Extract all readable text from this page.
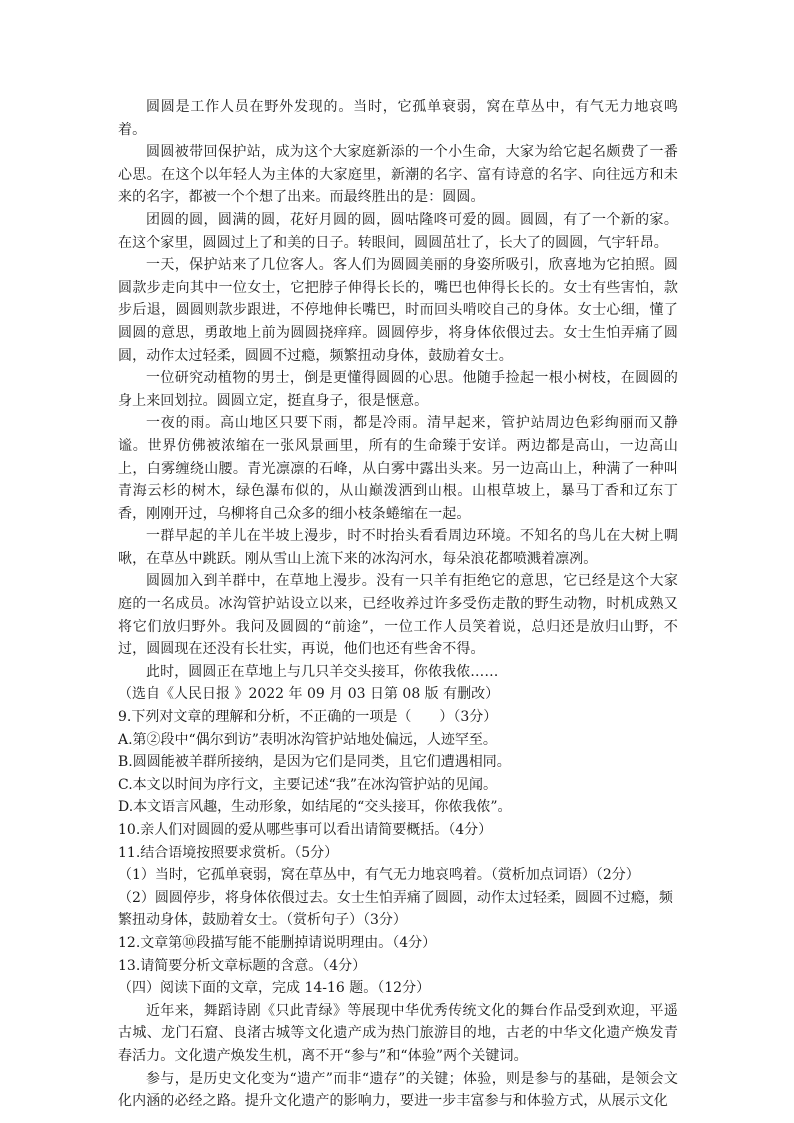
圆圆是工作人员在野外发现的。当时，它孤单衰弱，窝在草丛中，有气无力地哀鸣着。

圆圆被带回保护站，成为这个大家庭新添的一个小生命，大家为给它起名颇费了一番心思。在这个以年轻人为主体的大家庭里，新潮的名字、富有诗意的名字、向往远方和未来的名字，都被一个个想了出来。而最终胜出的是：圆圆。

团圆的圆，圆满的圆，花好月圆的圆，圆咕隆咚可爱的圆。圆圆，有了一个新的家。在这个家里，圆圆过上了和美的日子。转眼间，圆圆茁壮了，长大了的圆圆，气宇轩昂。

一天，保护站来了几位客人。客人们为圆圆美丽的身姿所吸引，欣喜地为它拍照。圆圆款步走向其中一位女士，它把脖子伸得长长的，嘴巴也伸得长长的。女士有些害怕，款步后退，圆圆则款步跟进，不停地伸长嘴巴，时而回头啃咬自己的身体。女士心细，懂了圆圆的意思，勇敢地上前为圆圆挠痒痒。圆圆停步，将身体依偎过去。女士生怕弄痛了圆圆，动作太过轻柔，圆圆不过瘾，频繁扭动身体，鼓励着女士。

一位研究动植物的男士，倒是更懂得圆圆的心思。他随手捡起一根小树枝，在圆圆的身上来回划拉。圆圆立定，挺直身子，很是惬意。

一夜的雨。高山地区只要下雨，都是冷雨。清早起来，管护站周边色彩绚丽而又静谧。世界仿佛被浓缩在一张风景画里，所有的生命臻于安详。两边都是高山，一边高山上，白雾缠绕山腰。青光凛凛的石峰，从白雾中露出头来。另一边高山上，种满了一种叫青海云杉的树木，绿色瀑布似的，从山巅泼洒到山根。山根草坡上，暴马丁香和辽东丁香，刚刚开过，乌柳将自己众多的细小枝条蜷缩在一起。

一群早起的羊儿在半坡上漫步，时不时抬头看看周边环境。不知名的鸟儿在大树上啁啾，在草丛中跳跃。刚从雪山上流下来的冰沟河水，每朵浪花都喷溅着凛冽。

圆圆加入到羊群中，在草地上漫步。没有一只羊有拒绝它的意思，它已经是这个大家庭的一名成员。冰沟管护站设立以来，已经收养过许多受伤走散的野生动物，时机成熟又将它们放归野外。我问及圆圆的“前途”，一位工作人员笑着说，总归还是放归山野，不过，圆圆现在还没有长壮实，再说，他们也还有些舍不得。

此时，圆圆正在草地上与几只羊交头接耳，你侬我侬……

（选自《人民日报 》2022 年 09 月 03 日第 08 版 有删改）

9.下列对文章的理解和分析，不正确的一项是（　　）（3分）

A.第②段中“偶尔到访”表明冰沟管护站地处偏远，人迹罕至。

B.圆圆能被羊群所接纳，是因为它们是同类，且它们遭遇相同。

C.本文以时间为序行文，主要记述“我”在冰沟管护站的见闻。

D.本文语言风趣，生动形象，如结尾的“交头接耳，你侬我侬”。

10.亲人们对圆圆的爱从哪些事可以看出请简要概括。（4分）

11.结合语境按照要求赏析。（5分）

（1）当时，它孤单衰弱，窝在草丛中，有气无力地哀鸣着。（赏析加点词语）（2分）

（2）圆圆停步，将身体依偎过去。女士生怕弄痛了圆圆，动作太过轻柔，圆圆不过瘾，频繁扭动身体，鼓励着女士。（赏析句子）（3分）

12.文章第⑩段描写能不能删掉请说明理由。（4分）

13.请简要分析文章标题的含意。（4分）

（四）阅读下面的文章，完成 14-16 题。（12分）

近年来，舞蹈诗剧《只此青绿》等展现中华优秀传统文化的舞台作品受到欢迎，平遥古城、龙门石窟、良渚古城等文化遗产成为热门旅游目的地，古老的中华文化遗产焕发青春活力。文化遗产焕发生机，离不开“参与”和“体验”两个关键词。

参与，是历史文化变为“遗产”而非“遗存”的关键；体验，则是参与的基础，是领会文化内涵的必经之路。提升文化遗产的影响力，要进一步丰富参与和体验方式，从展示文化
